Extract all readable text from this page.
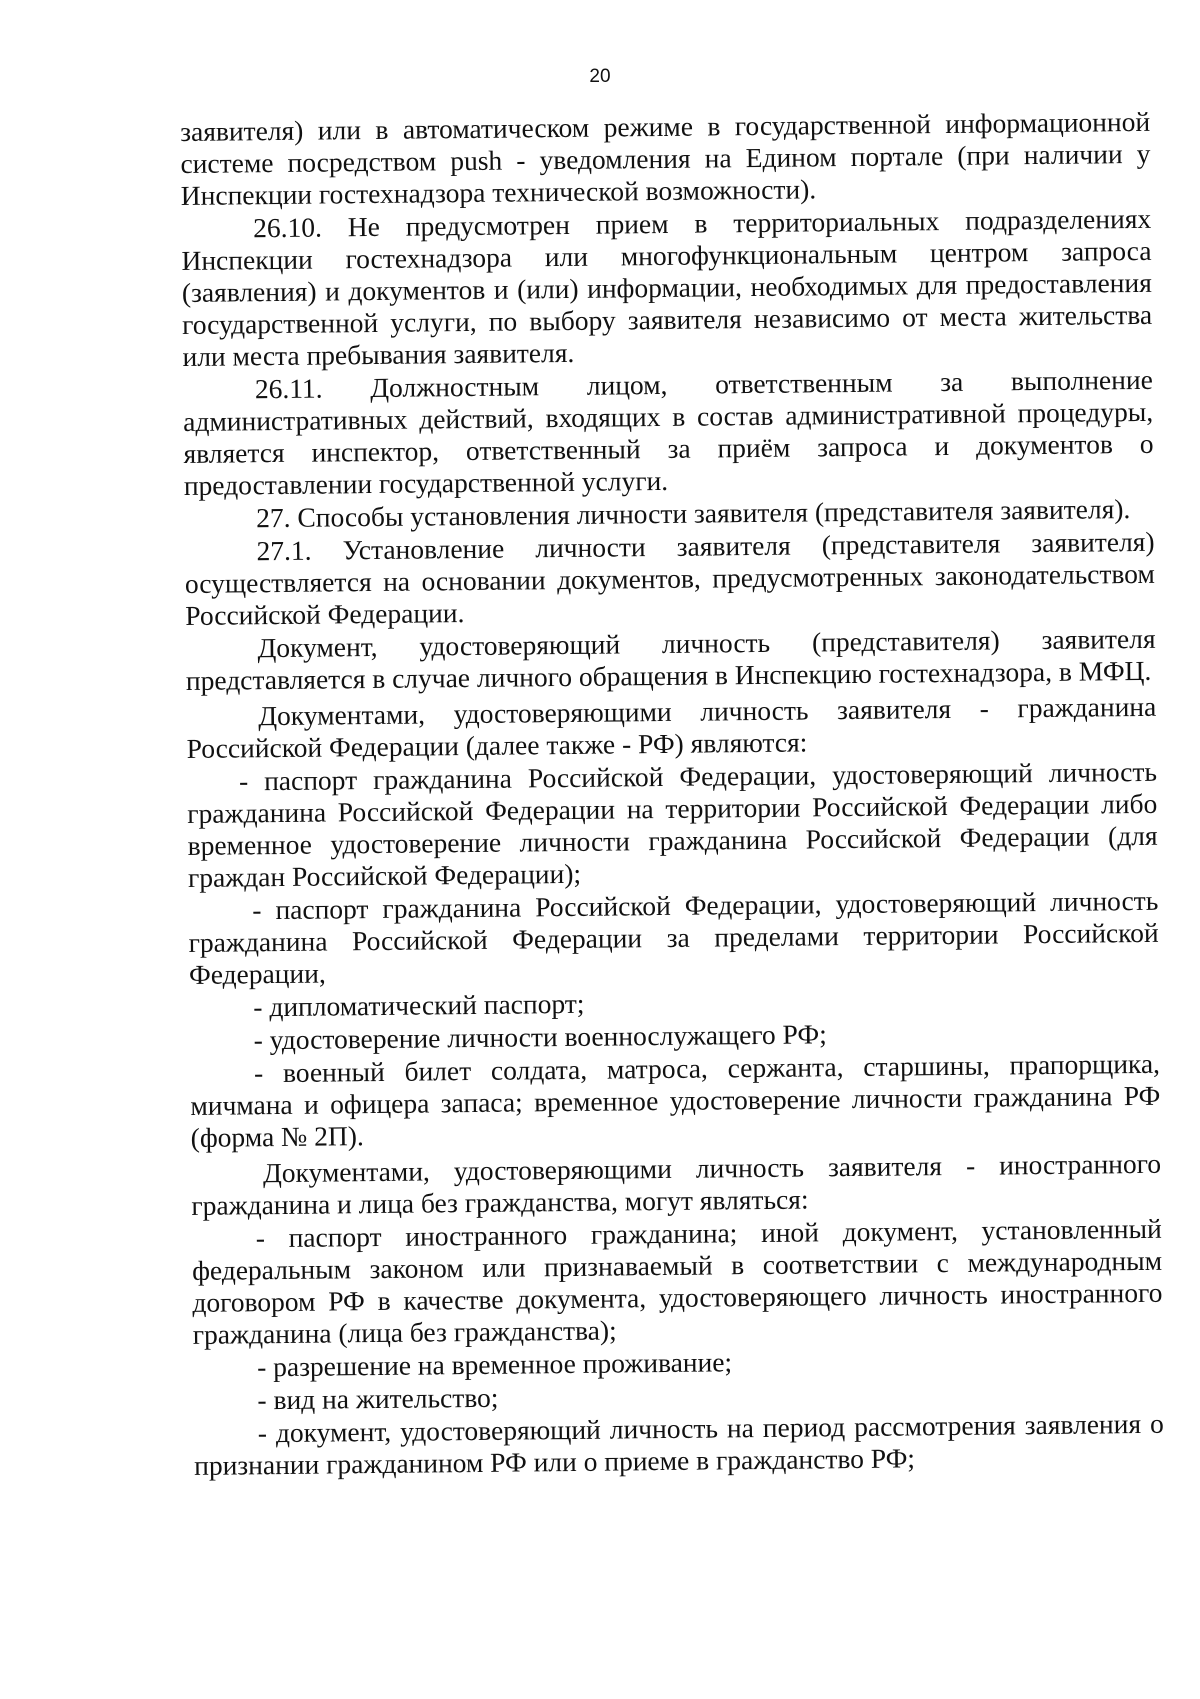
20

заявителя) или в автоматическом режиме в государственной информационной системе посредством push - уведомления на Едином портале (при наличии у Инспекции гостехнадзора технической возможности).

26.10. Не предусмотрен прием в территориальных подразделениях Инспекции гостехнадзора или многофункциональным центром запроса (заявления) и документов и (или) информации, необходимых для предоставления государственной услуги, по выбору заявителя независимо от места жительства или места пребывания заявителя.

26.11. Должностным лицом, ответственным за выполнение административных действий, входящих в состав административной процедуры, является инспектор, ответственный за приём запроса и документов о предоставлении государственной услуги.

27. Способы установления личности заявителя (представителя заявителя).

27.1. Установление личности заявителя (представителя заявителя) осуществляется на основании документов, предусмотренных законодательством Российской Федерации.

Документ, удостоверяющий личность (представителя) заявителя представляется в случае личного обращения в Инспекцию гостехнадзора, в МФЦ.

Документами, удостоверяющими личность заявителя - гражданина Российской Федерации (далее также - РФ) являются:

- паспорт гражданина Российской Федерации, удостоверяющий личность гражданина Российской Федерации на территории Российской Федерации либо временное удостоверение личности гражданина Российской Федерации (для граждан Российской Федерации);

- паспорт гражданина Российской Федерации, удостоверяющий личность гражданина Российской Федерации за пределами территории Российской Федерации,

- дипломатический паспорт;

- удостоверение личности военнослужащего РФ;

- военный билет солдата, матроса, сержанта, старшины, прапорщика, мичмана и офицера запаса; временное удостоверение личности гражданина РФ (форма № 2П).

Документами, удостоверяющими личность заявителя - иностранного гражданина и лица без гражданства, могут являться:

- паспорт иностранного гражданина; иной документ, установленный федеральным законом или признаваемый в соответствии с международным договором РФ в качестве документа, удостоверяющего личность иностранного гражданина (лица без гражданства);

- разрешение на временное проживание;

- вид на жительство;

- документ, удостоверяющий личность на период рассмотрения заявления о признании гражданином РФ или о приеме в гражданство РФ;
